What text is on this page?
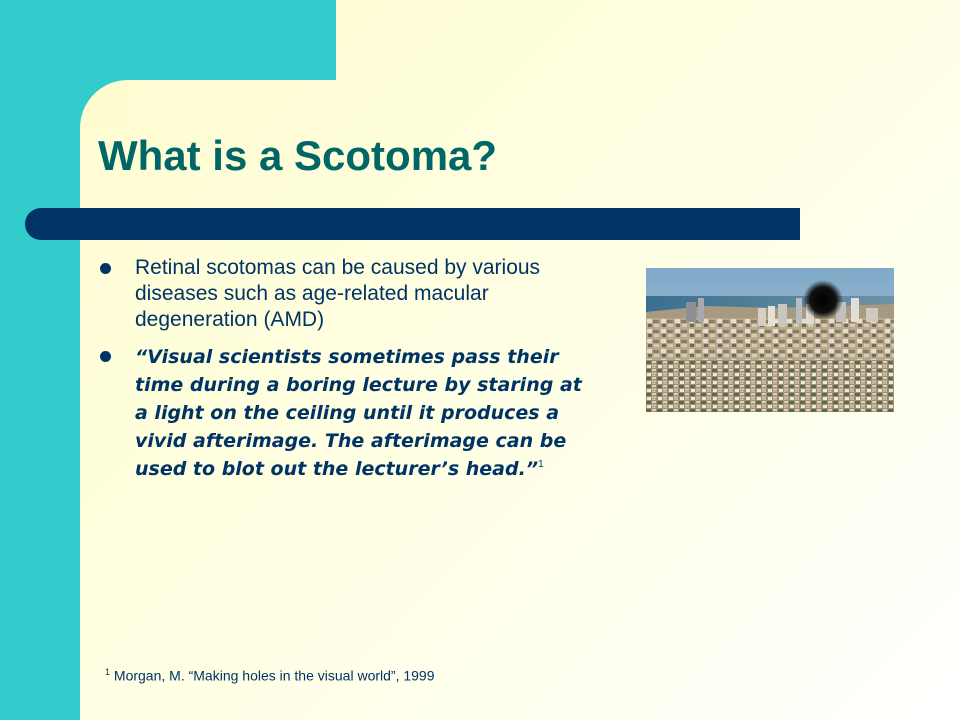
What is a Scotoma?
Retinal scotomas can be caused by various diseases such as age-related macular degeneration (AMD)
“Visual scientists sometimes pass their time during a boring lecture by staring at a light on the ceiling until it produces a vivid afterimage. The afterimage can be used to blot out the lecturer’s head.”$^1$
$^1$ Morgan, M. “Making holes in the visual world”, 1999
